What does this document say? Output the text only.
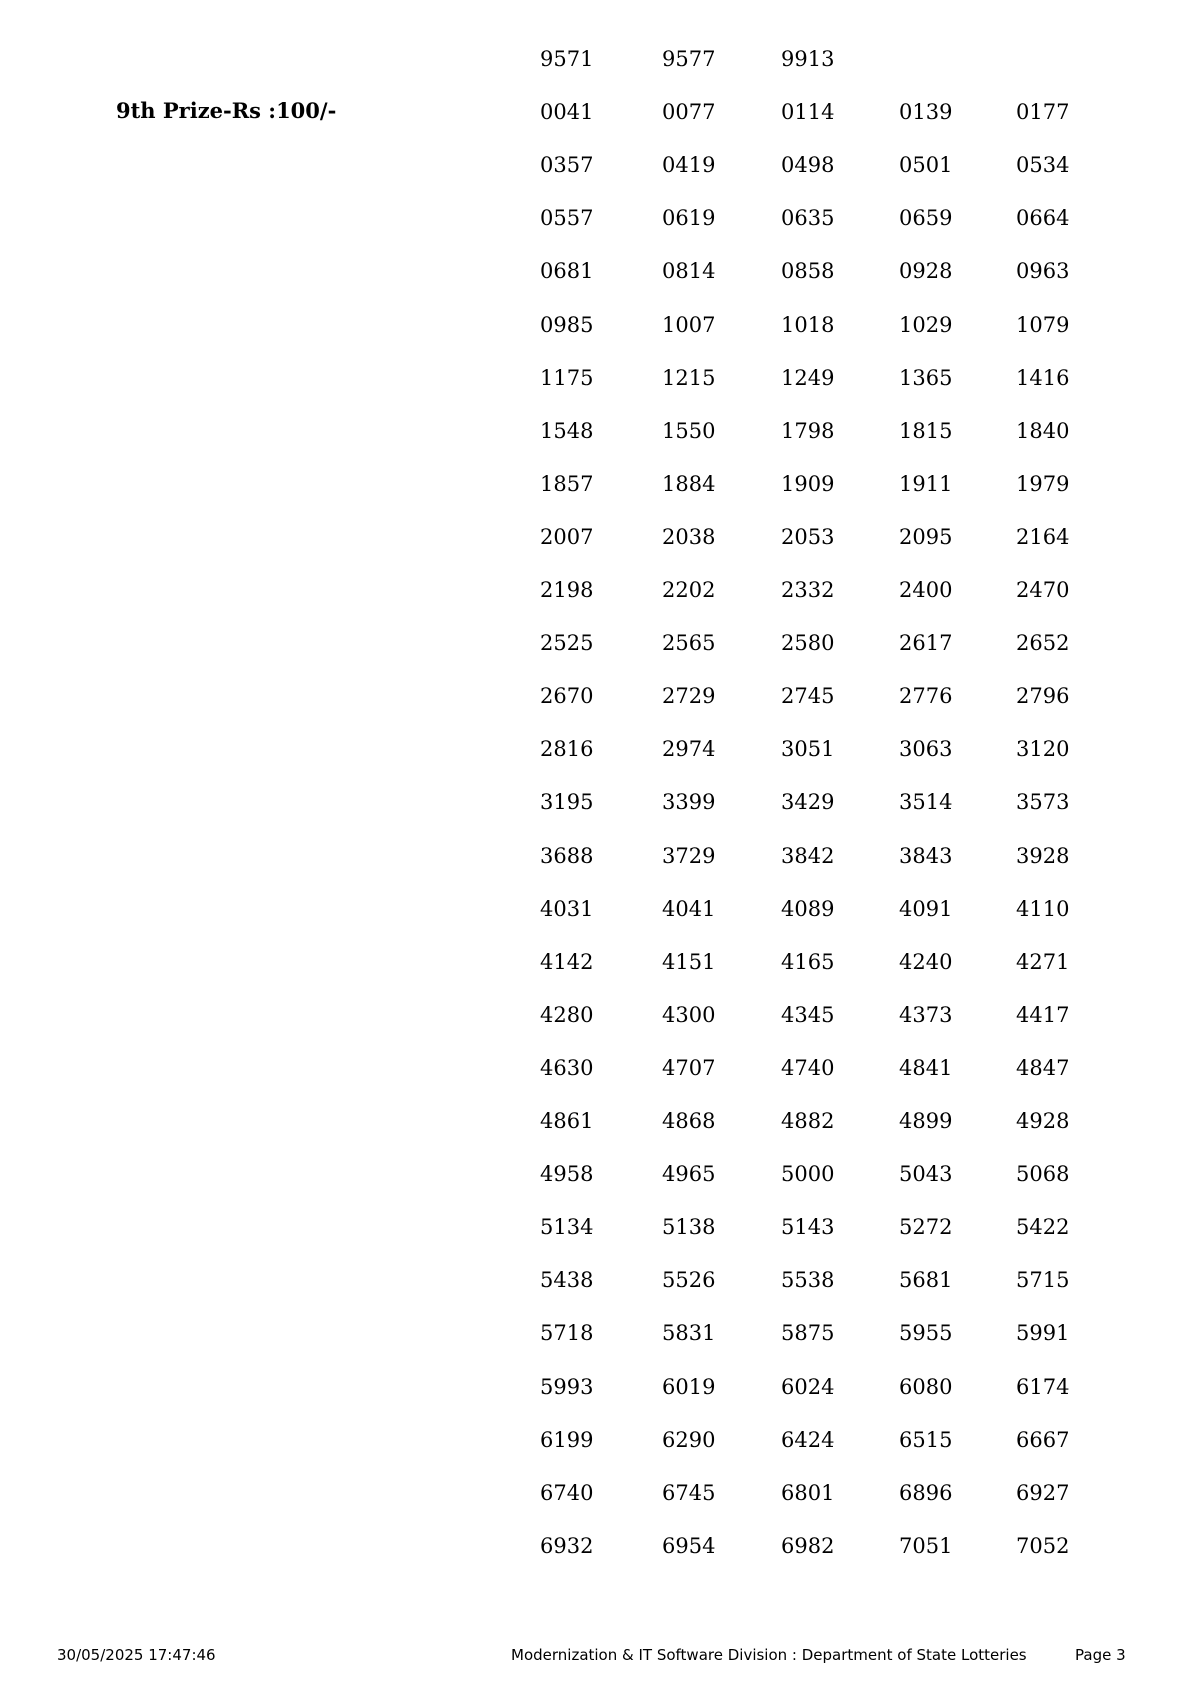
9th Prize-Rs :100/-
9571	9577	9913
0041	0077	0114	0139	0177
0357	0419	0498	0501	0534
0557	0619	0635	0659	0664
0681	0814	0858	0928	0963
0985	1007	1018	1029	1079
1175	1215	1249	1365	1416
1548	1550	1798	1815	1840
1857	1884	1909	1911	1979
2007	2038	2053	2095	2164
2198	2202	2332	2400	2470
2525	2565	2580	2617	2652
2670	2729	2745	2776	2796
2816	2974	3051	3063	3120
3195	3399	3429	3514	3573
3688	3729	3842	3843	3928
4031	4041	4089	4091	4110
4142	4151	4165	4240	4271
4280	4300	4345	4373	4417
4630	4707	4740	4841	4847
4861	4868	4882	4899	4928
4958	4965	5000	5043	5068
5134	5138	5143	5272	5422
5438	5526	5538	5681	5715
5718	5831	5875	5955	5991
5993	6019	6024	6080	6174
6199	6290	6424	6515	6667
6740	6745	6801	6896	6927
6932	6954	6982	7051	7052
30/05/2025 17:47:46	Modernization & IT Software Division : Department of State Lotteries	Page 3
